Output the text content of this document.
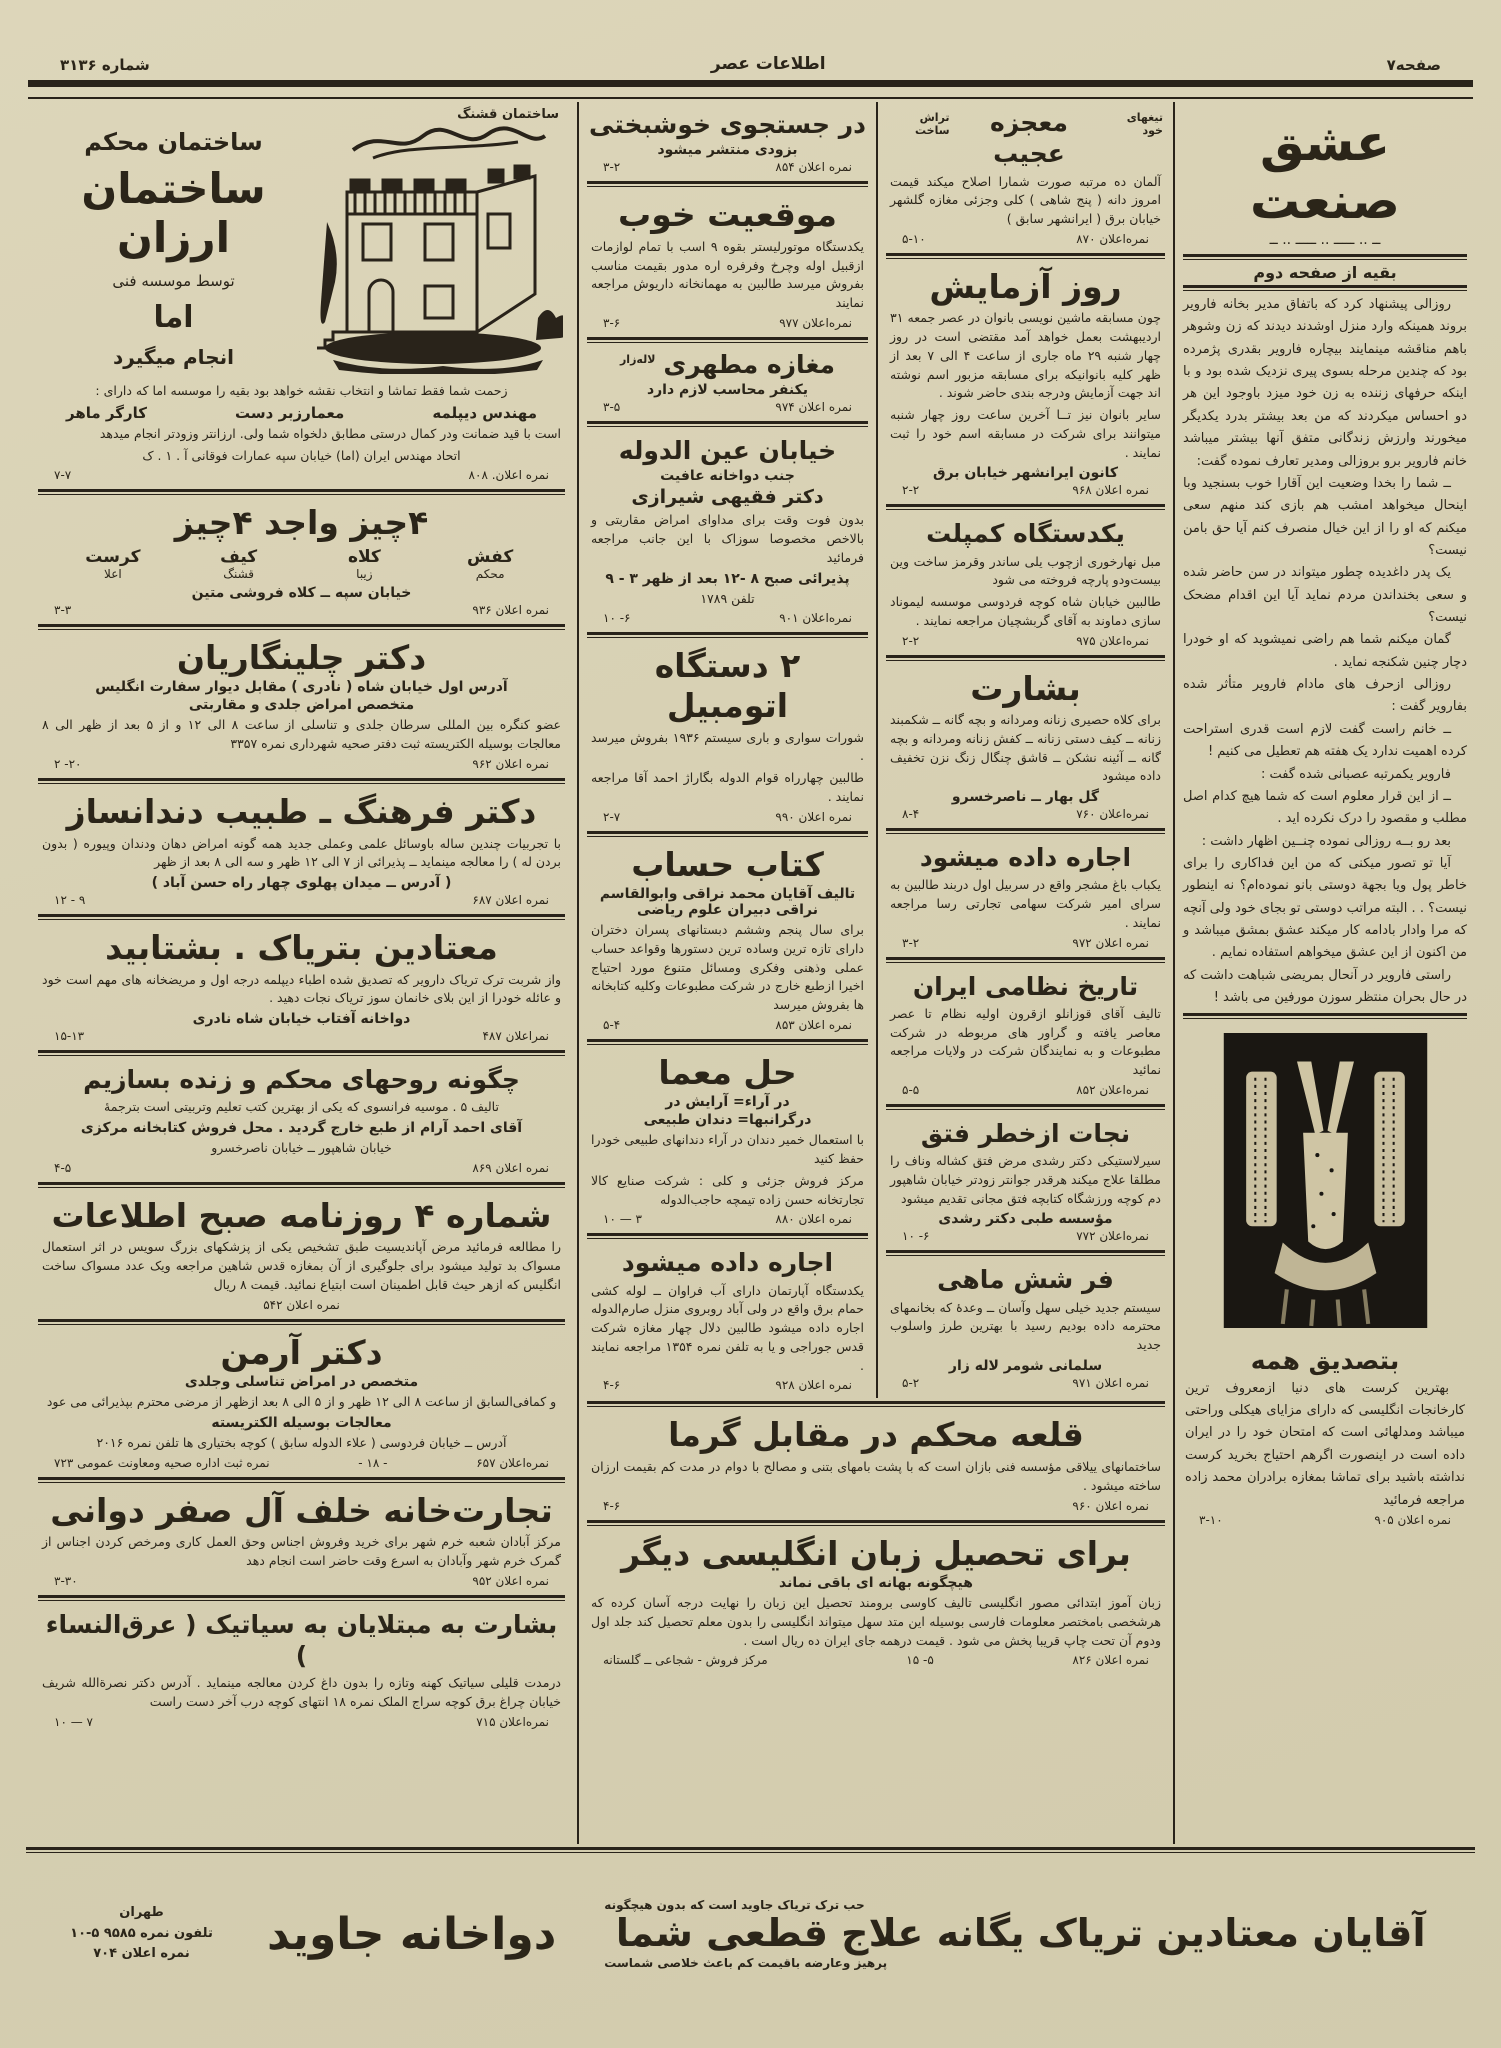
صفحه۷
اطلاعات عصر
شماره ۳۱۳۶
عشق صنعت
ــ .. ـــــ .. ـــــ .. ــ
بقیه از صفحه دوم

روزالی پیشنهاد کرد که باتفاق مدیر بخانه فارویر بروند همینکه وارد منزل اوشدند دیدند که زن وشوهر باهم مناقشه مینمایند بیچاره فارویر بقدری پژمرده بود که چندین مرحله بسوی پیری نزدیک شده بود و با اینکه حرفهای زننده به زن خود میزد باوجود این هر دو احساس میکردند که من بعد بیشتر بدرد یکدیگر میخورند وارزش زندگانی متفق آنها بیشتر میباشد خانم فارویر برو بروزالی ومدیر تعارف نموده گفت:

ــ شما را بخدا وضعیت این آقارا خوب بسنجید وبا اینحال میخواهد امشب هم بازی کند منهم سعی میکنم که او را از این خیال منصرف کنم آیا حق بامن نیست؟

یک پدر داغدیده چطور میتواند در سن حاضر شده و سعی بخنداندن مردم نماید آیا این اقدام مضحک نیست؟

گمان میکنم شما هم راضی نمیشوید که او خودرا دچار چنین شکنجه نماید .

روزالی ازحرف های مادام فارویر متأثر شده بفارویر گفت :

ــ خانم راست گفت لازم است قدری استراحت کرده اهمیت ندارد یک هفته هم تعطیل می کنیم !

فارویر یکمرتبه عصبانی شده گفت :

ــ از این قرار معلوم است که شما هیچ کدام اصل مطلب و مقصود را درک نکرده اید .

بعد رو بــه روزالی نموده چنــین اظهار داشت :

آیا تو تصور میکنی که من این فداکاری را برای خاطر پول ویا بجهة دوستی بانو نموده‌ام؟ نه اینطور نیست؟ . . البته مراتب دوستی تو بجای خود ولی آنچه که مرا وادار بادامه کار میکند عشق بمشق میباشد و من اکنون از این عشق میخواهم استفاده نمایم .

راستی فارویر در آنحال بمریضی شباهت داشت که در حال بحران منتظر سوزن مورفین می باشد !

بتصدیق همه

بهترین کرست های دنیا ازمعروف ترین کارخانجات انگلیسی که دارای مزایای هیکلی وراحتی میباشد ومدلهائی است که امتحان خود را در ایران داده است در اینصورت اگرهم احتیاج بخرید کرست نداشته باشید برای تماشا بمغازه برادران محمد زاده مراجعه فرمائید

نمره اعلان ۹۰۵
۳-۱۰
تیغهای خود
معجزه عجیب
تراش ساخت

آلمان ده مرتبه صورت شمارا اصلاح میکند قیمت امروز دانه ( پنج شاهی ) کلی وجزئی مغازه گلشهر خیابان برق ( ایرانشهر سابق )

نمره‌اعلان ۸۷۰
۵-۱۰
روز آزمایش

چون مسابقه ماشین نویسی بانوان در عصر جمعه ۳۱ اردیبهشت بعمل خواهد آمد مقتضی است در روز چهار شنبه ۲۹ ماه جاری از ساعت ۴ الی ۷ بعد از ظهر کلیه بانوانیکه برای مسابقه مزبور اسم نوشته اند جهت آزمایش ودرجه بندی حاضر شوند .

سایر بانوان نیز تــا آخرین ساعت روز چهار شنبه میتوانند برای شرکت در مسابقه اسم خود را ثبت نمایند .

کانون ایرانشهر خیابان برق

نمره اعلان ۹۶۸
۲-۲
یکدستگاه کمپلت

مبل نهارخوری ازچوب یلی ساندر وقرمز ساخت وین بیست‌ودو پارچه فروخته می شود

طالبین خیابان شاه کوچه فردوسی موسسه لیموناد سازی دماوند به آقای گربشچیان مراجعه نمایند .

نمره‌اعلان ۹۷۵
۲-۲
بشارت

برای کلاه حصیری زنانه ومردانه و بچه گانه ــ شکمبند زنانه ــ کیف دستی زنانه ــ کفش زنانه ومردانه و بچه گانه ــ آئینه نشکن ــ قاشق چنگال زنگ نزن تخفیف داده میشود

گل بهار ــ ناصرخسرو

نمره‌اعلان ۷۶۰
۸-۴
اجاره داده میشود

یکباب باغ مشجر واقع در سربیل اول دربند طالبین به سرای امیر شرکت سهامی تجارتی رسا مراجعه نمایند .

نمره اعلان ۹۷۲
۳-۲
تاریخ نظامی ایران

تالیف آقای قوزانلو ازقرون اولیه نظام تا عصر معاصر یافته و گراور های مربوطه در شرکت مطبوعات و به نمایندگان شرکت در ولایات مراجعه نمائید

نمره‌اعلان ۸۵۲
۵-۵
نجات ازخطر فتق

سیرلاستیکی دکتر رشدی مرض فتق کشاله وناف را مطلقا علاج میکند هرقدر جوانتر زودتر خیابان شاهپور دم کوچه ورزشگاه کتابچه فتق مجانی تقدیم میشود

مؤسسه طبی دکتر رشدی

نمره‌اعلان ۷۷۲
۶- ۱۰
فر شش ماهی

سیستم جدید خیلی سهل وآسان ــ وعدهٔ که بخانمهای محترمه داده بودیم رسید با بهترین طرز واسلوب جدید

سلمانی شومر لاله زار

نمره اعلان ۹۷۱
۵-۲
در جستجوی خوشبختی

بزودی منتشر میشود

نمره اعلان ۸۵۴
۳-۲
موقعیت خوب

یکدستگاه موتورلیستر بقوه ۹ اسب با تمام لوازمات ازقبیل اوله وچرخ وفرفره اره مدور بقیمت مناسب بفروش میرسد طالبین به مهمانخانه داریوش مراجعه نمایند

نمره‌اعلان ۹۷۷
۳-۶
مغازه مطهری
لاله‌زار

یکنفر محاسب لازم دارد

نمره اعلان ۹۷۴
۳-۵
خیابان عین الدوله

جنب دواخانه عافیت

دکتر فقیهی شیرازی

بدون فوت وقت برای مداوای امراض مقاربتی و بالاخص مخصوصا سوزاک با این جانب مراجعه فرمائید

پذیرائی صبح ۸ -۱۲ بعد از ظهر ۳ - ۹

تلفن ۱۷۸۹

نمره‌اعلان ۹۰۱
۶- ۱۰
۲ دستگاه اتومبیل

شورات سواری و باری سیستم ۱۹۳۶ بفروش میرسد .

طالبین چهارراه قوام الدوله بگاراژ احمد آقا مراجعه نمایند .

نمره اعلان ۹۹۰
۲-۷
کتاب حساب

تالیف آقایان محمد نراقی وابوالقاسم نراقی دبیران علوم ریاضی

برای سال پنجم وششم دبستانهای پسران دختران دارای تازه ترین وساده ترین دستورها وقواعد حساب عملی وذهنی وفکری ومسائل متنوع مورد احتیاج اخیرا ازطبع خارج در شرکت مطبوعات وکلیه کتابخانه ها بفروش میرسد

نمره اعلان ۸۵۳
۵-۴
حل معما

در آراء= آرایش در

درگرانبها= دندان طبیعی

با استعمال خمیر دندان در آراء دندانهای طبیعی خودرا حفظ کنید

مرکز فروش جزئی و کلی : شرکت صنایع کالا تجارتخانه حسن زاده تیمچه حاجب‌الدوله

نمره اعلان ۸۸۰
۳ — ۱۰
اجاره داده میشود

یکدستگاه آپارتمان دارای آب فراوان ــ لوله کشی حمام برق واقع در ولی آباد روبروی منزل صارم‌الدوله اجاره داده میشود طالبین دلال چهار مغازه شرکت قدس جوراجی و یا به تلفن نمره ۱۳۵۴ مراجعه نمایند .

نمره اعلان ۹۲۸
۴-۶
قلعه محکم در مقابل گرما

ساختمانهای ییلاقی مؤسسه فنی بازان است که با پشت بامهای بتنی و مصالح با دوام در مدت کم بقیمت ارزان ساخته میشود .

نمره اعلان ۹۶۰
۴-۶
برای تحصیل زبان انگلیسی دیگر

هیچگونه بهانه ای باقی نماند

زبان آموز ابتدائی مصور انگلیسی تالیف کاوسی برومند تحصیل این زبان را نهایت درجه آسان کرده که هرشخصی بامختصر معلومات فارسی بوسیله این متد سهل میتواند انگلیسی را بدون معلم تحصیل کند جلد اول ودوم آن تحت چاپ قریبا پخش می شود . قیمت درهمه جای ایران ده ریال است .

نمره اعلان ۸۲۶
۵- ۱۵
مرکز فروش - شجاعی ــ گلستانه
ساختمان قشنگ
ساختمان محکم
ساختمان ارزان
توسط موسسه فنی
اما
انجام میگیرد

زحمت شما فقط تماشا و انتخاب نقشه خواهد بود بقیه را موسسه اما که دارای :

مهندس دیپلمه
معمارزبر دست
کارگر ماهر

است با قید ضمانت ودر کمال درستی مطابق دلخواه شما ولی. ارزانتر وزودتر انجام میدهد

اتحاد مهندس ایران (اما) خیابان سپه عمارات فوقانی آ . ۱ . ک

نمره اعلان. ۸۰۸
۷-۷
۴چیز واجد ۴چیز
کفش
کلاه
کیف
کرست
محکم
زیبا
قشنگ
اعلا

خیابان سپه ــ کلاه فروشی متین

نمره اعلان ۹۳۶
۳-۳
دکتر چلینگاریان

آدرس اول خیابان شاه ( نادری ) مقابل دیوار سفارت انگلیس

متخصص امراض جلدی و مقاربتی

عضو کنگره بین المللی سرطان جلدی و تناسلی از ساعت ۸ الی ۱۲ و از ۵ بعد از ظهر الی ۸ معالجات بوسیله الکتریسته ثبت دفتر صحیه شهرداری نمره ۳۳۵۷

نمره اعلان ۹۶۲
۲۰- ۲
دکتر فرهنگ ـ طبیب دندانساز

با تجربیات چندین ساله باوسائل علمی وعملی جدید همه گونه امراض دهان ودندان وپیوره ( بدون بردن له ) را معالجه مینماید ــ پذیرائی از ۷ الی ۱۲ ظهر و سه الی ۸ بعد از ظهر

( آدرس ــ میدان پهلوی چهار راه حسن آباد )

نمره اعلان ۶۸۷
۹ - ۱۲
معتادین بتریاک . بشتابید

واز شربت ترک تریاک دارویر که تصدیق شده اطباء دیپلمه درجه اول و مریضخانه های مهم است خود و عائله خودرا از این بلای خانمان سوز تریاک نجات دهید .

دواخانه آفتاب خیابان شاه نادری

نمراعلان ۴۸۷
۱۵-۱۳
چگونه روحهای محکم و زنده بسازیم

تالیف ۵ . موسیه فرانسوی که یکی از بهترین کتب تعلیم وتربیتی است بترجمهٔ

آقای احمد آرام از طبع خارج گردید . محل فروش کتابخانه مرکزی

خیابان شاهپور ــ خیابان ناصرخسرو

نمره اعلان ۸۶۹
۴-۵
شماره ۴ روزنامه صبح اطلاعات

را مطالعه فرمائید مرض آپاندیسیت طبق تشخیص یکی از پزشکهای بزرگ سویس در اثر استعمال مسواک بد تولید میشود برای جلوگیری از آن بمغازه قدس شاهین مراجعه ویک عدد مسواک ساخت انگلیس که ازهر حیث قابل اطمینان است ابتیاع نمائید. قیمت ۸ ریال

نمره اعلان ۵۴۲
دکتر آرمن

متخصص در امراض تناسلی وجلدی

و کمافی‌السابق از ساعت ۸ الی ۱۲ ظهر و از ۵ الی ۸ بعد ازظهر از مرضی محترم بپذیرائی می عود

معالجات بوسیله الکتریسته

آدرس ــ خیابان فردوسی ( علاء الدوله سابق ) کوچه بختیاری ها تلفن نمره ۲۰۱۶

نمره‌اعلان ۶۵۷
- ۱۸ -
نمره ثبت اداره صحیه ومعاونت عمومی ۷۲۳
تجارت‌خانه خلف آل صفر دوانی

مرکز آبادان شعبه خرم شهر برای خرید وفروش اجناس وحق العمل کاری ومرخص کردن اجناس از گمرک خرم شهر وآبادان به اسرع وقت حاضر است انجام دهد

نمره اعلان ۹۵۲
۳-۳۰
بشارت به مبتلایان به سیاتیک ( عرق‌النساء )

درمدت قلیلی سیاتیک کهنه وتازه را بدون داغ کردن معالجه مینماید . آدرس دکتر نصرة‌الله شریف خیابان چراغ برق کوچه سراج الملک نمره ۱۸ انتهای کوچه درب آخر دست راست

نمره‌اعلان ۷۱۵
۷ — ۱۰
حب ترک تریاک جاوید است که بدون هیچگونه
آقایان معتادین تریاک یگانه علاج قطعی شما
پرهیز وعارضه باقیمت کم باعث خلاصی شماست
دواخانه جاوید
طهران
تلفون نمره ۹۵۸۵ ۵-۱۰
نمره اعلان ۷۰۴
